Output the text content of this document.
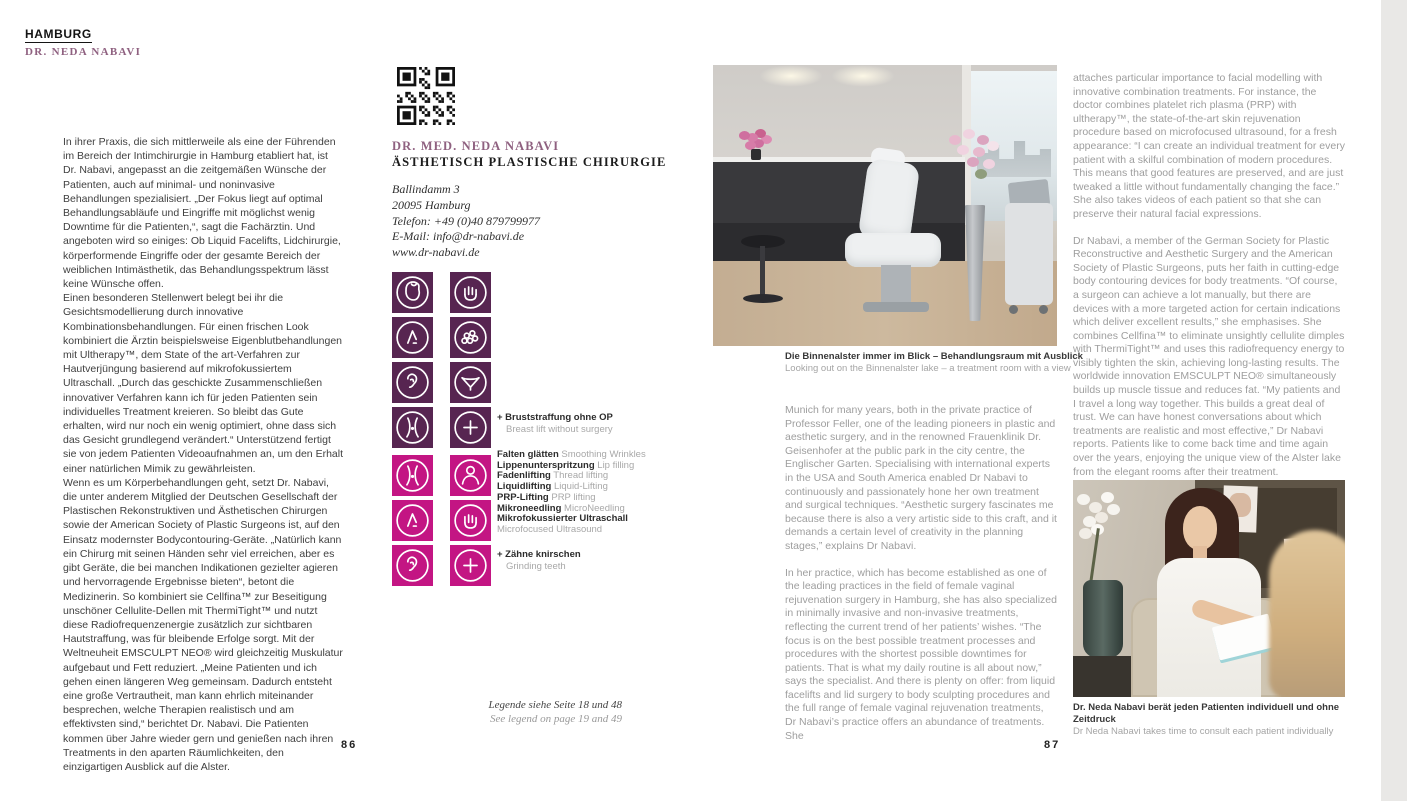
HAMBURG
DR. NEDA NABAVI

In ihrer Praxis, die sich mittlerweile als eine der Führenden im Bereich der Intimchirurgie in Hamburg etabliert hat, ist Dr. Nabavi, angepasst an die zeitgemäßen Wünsche der Patienten, auch auf minimal- und noninvasive Behandlungen spezialisiert. „Der Fokus liegt auf optimal Behandlungsabläufe und Eingriffe mit möglichst wenig Downtime für die Patienten,“, sagt die Fachärztin. Und angeboten wird so einiges: Ob Liquid Facelifts, Lidchirurgie, körperformende Eingriffe oder der gesamte Bereich der weiblichen Intimästhetik, das Behandlungsspektrum lässt keine Wünsche offen.

Einen besonderen Stellenwert belegt bei ihr die Gesichtsmodellierung durch innovative Kombinationsbehandlungen. Für einen frischen Look kombiniert die Ärztin beispielsweise Eigenblutbehandlungen mit Ultherapy™, dem State of the art-Verfahren zur Hautverjüngung basierend auf mikrofokussiertem Ultraschall. „Durch das geschickte Zusammenschließen innovativer Verfahren kann ich für jeden Patienten sein individuelles Treatment kreieren. So bleibt das Gute erhalten, wird nur noch ein wenig optimiert, ohne dass sich das Gesicht grundlegend verändert.“ Unterstützend fertigt sie von jedem Patienten Videoaufnahmen an, um den Erhalt einer natürlichen Mimik zu gewährleisten.

Wenn es um Körperbehandlungen geht, setzt Dr. Nabavi, die unter anderem Mitglied der Deutschen Gesellschaft der Plastischen Rekonstruktiven und Ästhetischen Chirurgen sowie der American Society of Plastic Surgeons ist, auf den Einsatz modernster Bodycontouring-Geräte. „Natürlich kann ein Chirurg mit seinen Händen sehr viel erreichen, aber es gibt Geräte, die bei manchen Indikationen gezielter agieren und hervorragende Ergebnisse bieten“, betont die Medizinerin. So kombiniert sie Cellfina™ zur Beseitigung unschöner Cellulite-Dellen mit ThermiTight™ und nutzt diese Radiofrequenzenergie zusätzlich zur sichtbaren Hautstraffung, was für bleibende Erfolge sorgt. Mit der Weltneuheit EMSCULPT NEO® wird gleichzeitig Muskulatur aufgebaut und Fett reduziert. „Meine Patienten und ich gehen einen längeren Weg gemeinsam. Dadurch entsteht eine große Vertrautheit, man kann ehrlich miteinander besprechen, welche Therapien realistisch und am effektivsten sind,“ berichtet Dr. Nabavi. Die Patienten kommen über Jahre wieder gern und genießen nach ihren Treatments in den aparten Räumlichkeiten, den einzigartigen Ausblick auf die Alster.

DR. MED. NEDA NABAVI
ÄSTHETISCH PLASTISCHE CHIRURGIE
Ballindamm 3
20095 Hamburg
Telefon: +49 (0)40 879799977
E-Mail: info@dr-nabavi.de
www.dr-nabavi.de
+ Bruststraffung ohne OP
Breast lift without surgery
Falten glätten Smoothing Wrinkles
Lippenunterspritzung Lip filling
Fadenlifting Thread lifting
Liquidlifting Liquid-Lifting
PRP-Lifting PRP lifting
Mikroneedling MicroNeedling
Mikrofokussierter Ultraschall
Microfocused Ultrasound
+ Zähne knirschen
Grinding teeth
Legende siehe Seite 18 und 48
See legend on page 19 and 49
86
Die Binnenalster immer im Blick – Behandlungsraum mit Ausblick
Looking out on the Binnenalster lake – a treatment room with a view

Munich for many years, both in the private practice of Professor Feller, one of the leading pioneers in plastic and aesthetic surgery, and in the renowned Frauenklinik Dr. Geisenhofer at the public park in the city centre, the Englischer Garten. Specialising with international experts in the USA and South America enabled Dr Nabavi to continuously and passionately hone her own treatment and surgical techniques. “Aesthetic surgery fascinates me because there is also a very artistic side to this craft, and it demands a certain level of creativity in the planning stages,” explains Dr Nabavi.

In her practice, which has become established as one of the leading practices in the field of female vaginal rejuvenation surgery in Hamburg, she has also specialized in minimally invasive and non-invasive treatments, reflecting the current trend of her patients’ wishes. “The focus is on the best possible treatment processes and procedures with the shortest possible downtimes for patients. That is what my daily routine is all about now,” says the specialist. And there is plenty on offer: from liquid facelifts and lid surgery to body sculpting procedures and the full range of female vaginal rejuvenation treatments, Dr Nabavi’s practice offers an abundance of treatments. She

attaches particular importance to facial modelling with innovative combination treatments. For instance, the doctor combines platelet rich plasma (PRP) with ultherapy™, the state-of-the-art skin rejuvenation procedure based on microfocused ultrasound, for a fresh appearance: “I can create an individual treatment for every patient with a skilful combination of modern procedures. This means that good features are preserved, and are just tweaked a little without fundamentally changing the face.” She also takes videos of each patient so that she can preserve their natural facial expressions.

Dr Nabavi, a member of the German Society for Plastic Reconstructive and Aesthetic Surgery and the American Society of Plastic Surgeons, puts her faith in cutting-edge body contouring devices for body treatments. “Of course, a surgeon can achieve a lot manually, but there are devices with a more targeted action for certain indications which deliver excellent results,” she emphasises. She combines Cellfina™ to eliminate unsightly cellulite dimples with ThermiTight™ and uses this radiofrequency energy to visibly tighten the skin, achieving long-lasting results. The worldwide innovation EMSCULPT NEO® simultaneously builds up muscle tissue and reduces fat. “My patients and I travel a long way together. This builds a great deal of trust. We can have honest conversations about which treatments are realistic and most effective,” Dr Nabavi reports. Patients like to come back time and time again over the years, enjoying the unique view of the Alster lake from the elegant rooms after their treatment.

Dr. Neda Nabavi berät jeden Patienten individuell und ohne Zeitdruck
Dr Neda Nabavi takes time to consult each patient individually
87
